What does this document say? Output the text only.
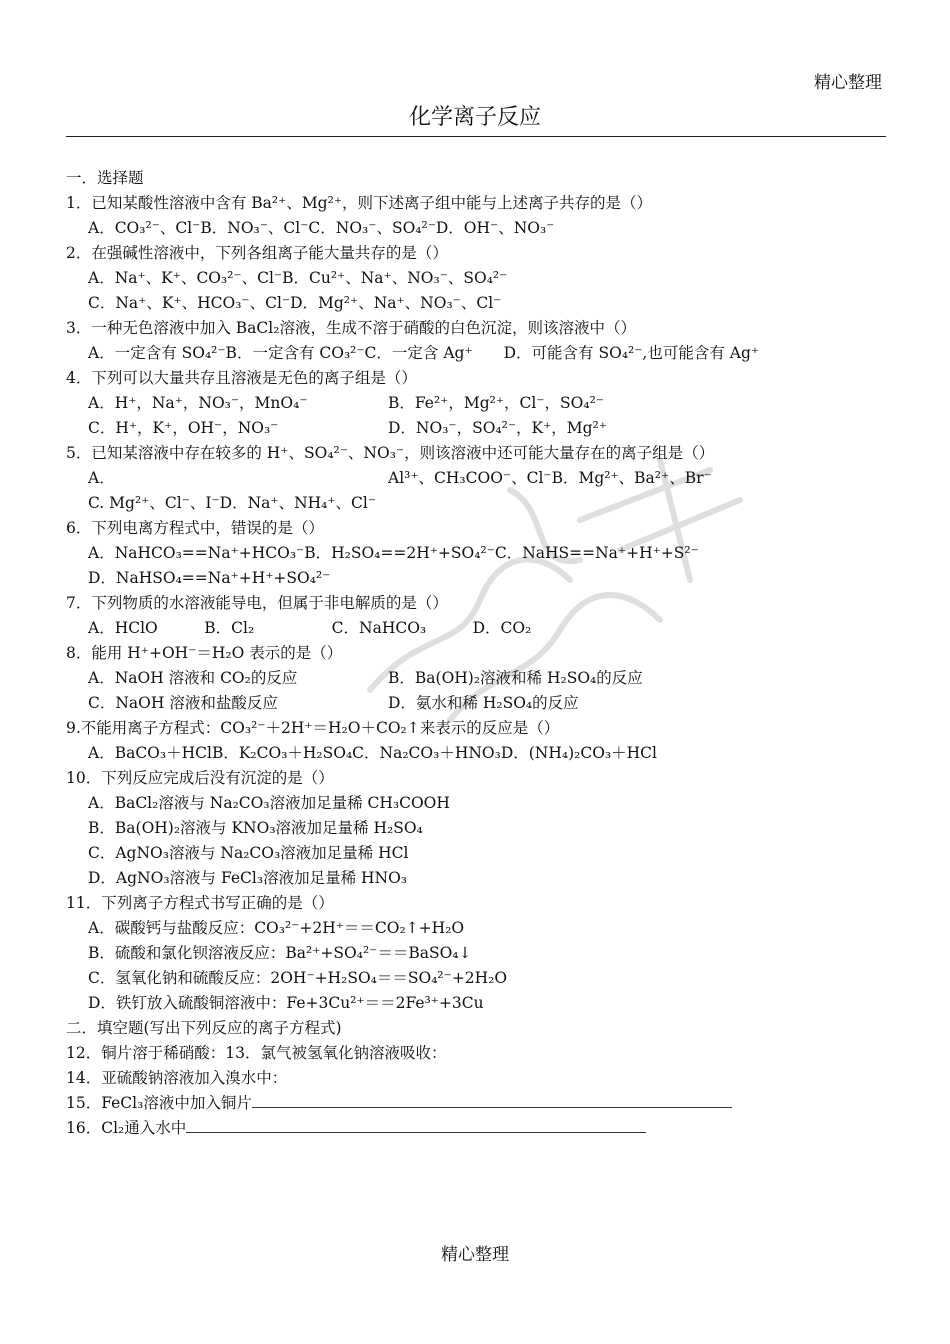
精心整理
化学离子反应
一．选择题
1．已知某酸性溶液中含有 Ba²⁺、Mg²⁺，则下述离子组中能与上述离子共存的是（）
A．CO₃²⁻、Cl⁻B．NO₃⁻、Cl⁻C．NO₃⁻、SO₄²⁻D．OH⁻、NO₃⁻
2．在强碱性溶液中，下列各组离子能大量共存的是（）
A．Na⁺、K⁺、CO₃²⁻、Cl⁻B．Cu²⁺、Na⁺、NO₃⁻、SO₄²⁻
C．Na⁺、K⁺、HCO₃⁻、Cl⁻D．Mg²⁺、Na⁺、NO₃⁻、Cl⁻
3．一种无色溶液中加入 BaCl₂溶液，生成不溶于硝酸的白色沉淀，则该溶液中（）
A．一定含有 SO₄²⁻B．一定含有 CO₃²⁻C．一定含 Ag⁺　　D．可能含有 SO₄²⁻,也可能含有 Ag⁺
4．下列可以大量共存且溶液是无色的离子组是（）
A．H⁺，Na⁺，NO₃⁻，MnO₄⁻	B．Fe²⁺，Mg²⁺，Cl⁻，SO₄²⁻
C．H⁺，K⁺，OH⁻，NO₃⁻	D．NO₃⁻，SO₄²⁻，K⁺，Mg²⁺
5．已知某溶液中存在较多的 H⁺、SO₄²⁻、NO₃⁻，则该溶液中还可能大量存在的离子组是（）
A．	Al³⁺、CH₃COO⁻、Cl⁻B．Mg²⁺、Ba²⁺、Br⁻
C. Mg²⁺、Cl⁻、I⁻D．Na⁺、NH₄⁺、Cl⁻
6．下列电离方程式中，错误的是（）
A．NaHCO₃==Na⁺+HCO₃⁻B．H₂SO₄==2H⁺+SO₄²⁻C．NaHS==Na⁺+H⁺+S²⁻
D．NaHSO₄==Na⁺+H⁺+SO₄²⁻
7．下列物质的水溶液能导电，但属于非电解质的是（）
A．HClO　　　B．Cl₂　　　　　C．NaHCO₃　　　D．CO₂
8．能用 H⁺+OH⁻＝H₂O 表示的是（）
A．NaOH 溶液和 CO₂的反应	B．Ba(OH)₂溶液和稀 H₂SO₄的反应
C．NaOH 溶液和盐酸反应	D．氨水和稀 H₂SO₄的反应
9.不能用离子方程式：CO₃²⁻＋2H⁺＝H₂O＋CO₂↑来表示的反应是（）
A．BaCO₃＋HClB．K₂CO₃＋H₂SO₄C．Na₂CO₃＋HNO₃D．(NH₄)₂CO₃＋HCl
10．下列反应完成后没有沉淀的是（）
A．BaCl₂溶液与 Na₂CO₃溶液加足量稀 CH₃COOH
B．Ba(OH)₂溶液与 KNO₃溶液加足量稀 H₂SO₄
C．AgNO₃溶液与 Na₂CO₃溶液加足量稀 HCl
D．AgNO₃溶液与 FeCl₃溶液加足量稀 HNO₃
11．下列离子方程式书写正确的是（）
A．碳酸钙与盐酸反应：CO₃²⁻+2H⁺＝＝CO₂↑+H₂O
B．硫酸和氯化钡溶液反应：Ba²⁺+SO₄²⁻＝＝BaSO₄↓
C．氢氧化钠和硫酸反应：2OH⁻+H₂SO₄＝＝SO₄²⁻+2H₂O
D．铁钉放入硫酸铜溶液中：Fe+3Cu²⁺＝＝2Fe³⁺+3Cu
二．填空题(写出下列反应的离子方程式)
12．铜片溶于稀硝酸：13．氯气被氢氧化钠溶液吸收：
14．亚硫酸钠溶液加入溴水中：
15．FeCl₃溶液中加入铜片
16．Cl₂通入水中
精心整理
